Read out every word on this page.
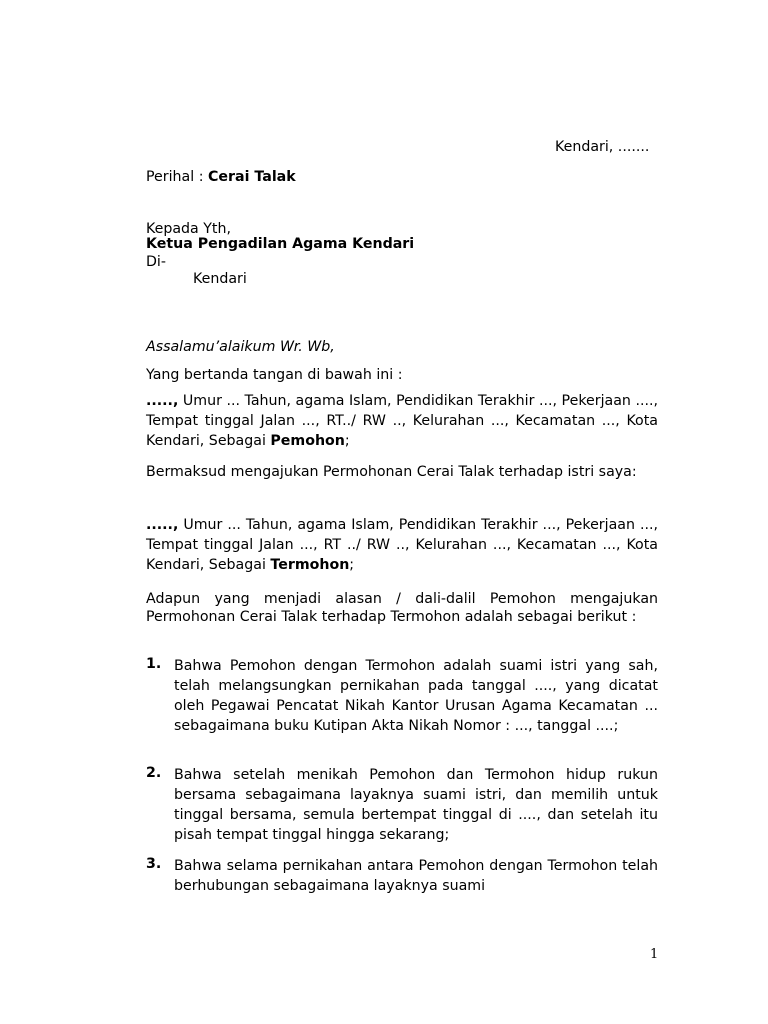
Kendari, .......
Perihal : Cerai Talak
Kepada Yth,
Ketua Pengadilan Agama Kendari
Di-
Kendari
Assalamu’alaikum Wr. Wb,
Yang bertanda tangan di bawah ini :
....., Umur ... Tahun, agama Islam, Pendidikan Terakhir ..., Pekerjaan ...., Tempat tinggal Jalan ..., RT../ RW .., Kelurahan ..., Kecamatan ..., Kota Kendari, Sebagai Pemohon;
Bermaksud mengajukan Permohonan Cerai Talak terhadap istri saya:
....., Umur ... Tahun, agama Islam, Pendidikan Terakhir ..., Pekerjaan ..., Tempat tinggal Jalan ..., RT ../ RW .., Kelurahan ..., Kecamatan ..., Kota Kendari, Sebagai Termohon;
Adapun yang menjadi alasan / dali-dalil Pemohon mengajukan Permohonan Cerai Talak terhadap Termohon adalah sebagai berikut :
1. Bahwa Pemohon dengan Termohon adalah suami istri yang sah, telah melangsungkan pernikahan pada tanggal ...., yang dicatat oleh Pegawai Pencatat Nikah Kantor Urusan Agama Kecamatan ... sebagaimana buku Kutipan Akta Nikah Nomor : ..., tanggal ....;
2. Bahwa setelah menikah Pemohon dan Termohon hidup rukun bersama sebagaimana layaknya suami istri, dan memilih untuk tinggal bersama, semula bertempat tinggal di ...., dan setelah itu pisah tempat tinggal hingga sekarang;
3. Bahwa selama pernikahan antara Pemohon dengan Termohon telah berhubungan sebagaimana layaknya suami
1
